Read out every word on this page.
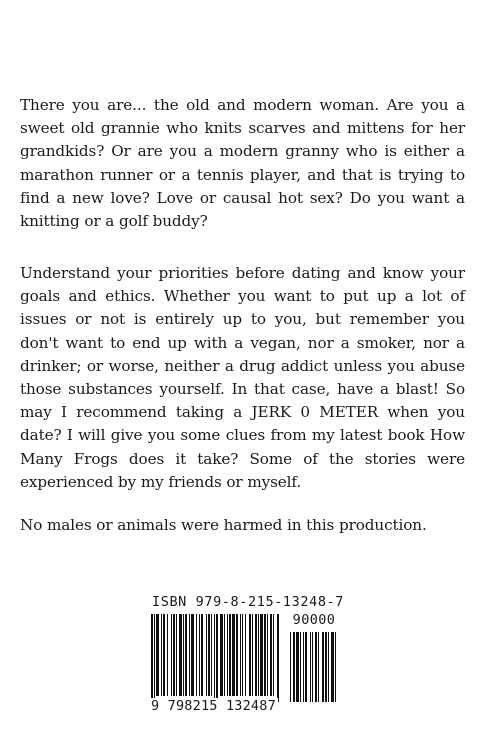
There you are... the old and modern woman. Are you a sweet old grannie who knits scarves and mittens for her grandkids? Or are you a modern granny who is either a marathon runner or a tennis player, and that is trying to find a new love? Love or causal hot sex? Do you want a knitting or a golf buddy?

Understand your priorities before dating and know your goals and ethics. Whether you want to put up a lot of issues or not is entirely up to you, but remember you don't want to end up with a vegan, nor a smoker, nor a drinker; or worse, neither a drug addict unless you abuse those substances yourself. In that case, have a blast! So may I recommend taking a JERK 0 METER when you date? I will give you some clues from my latest book How Many Frogs does it take? Some of the stories were experienced by my friends or myself.

No males or animals were harmed in this production.

ISBN 979-8-215-13248-7
90000
9 798215 132487
